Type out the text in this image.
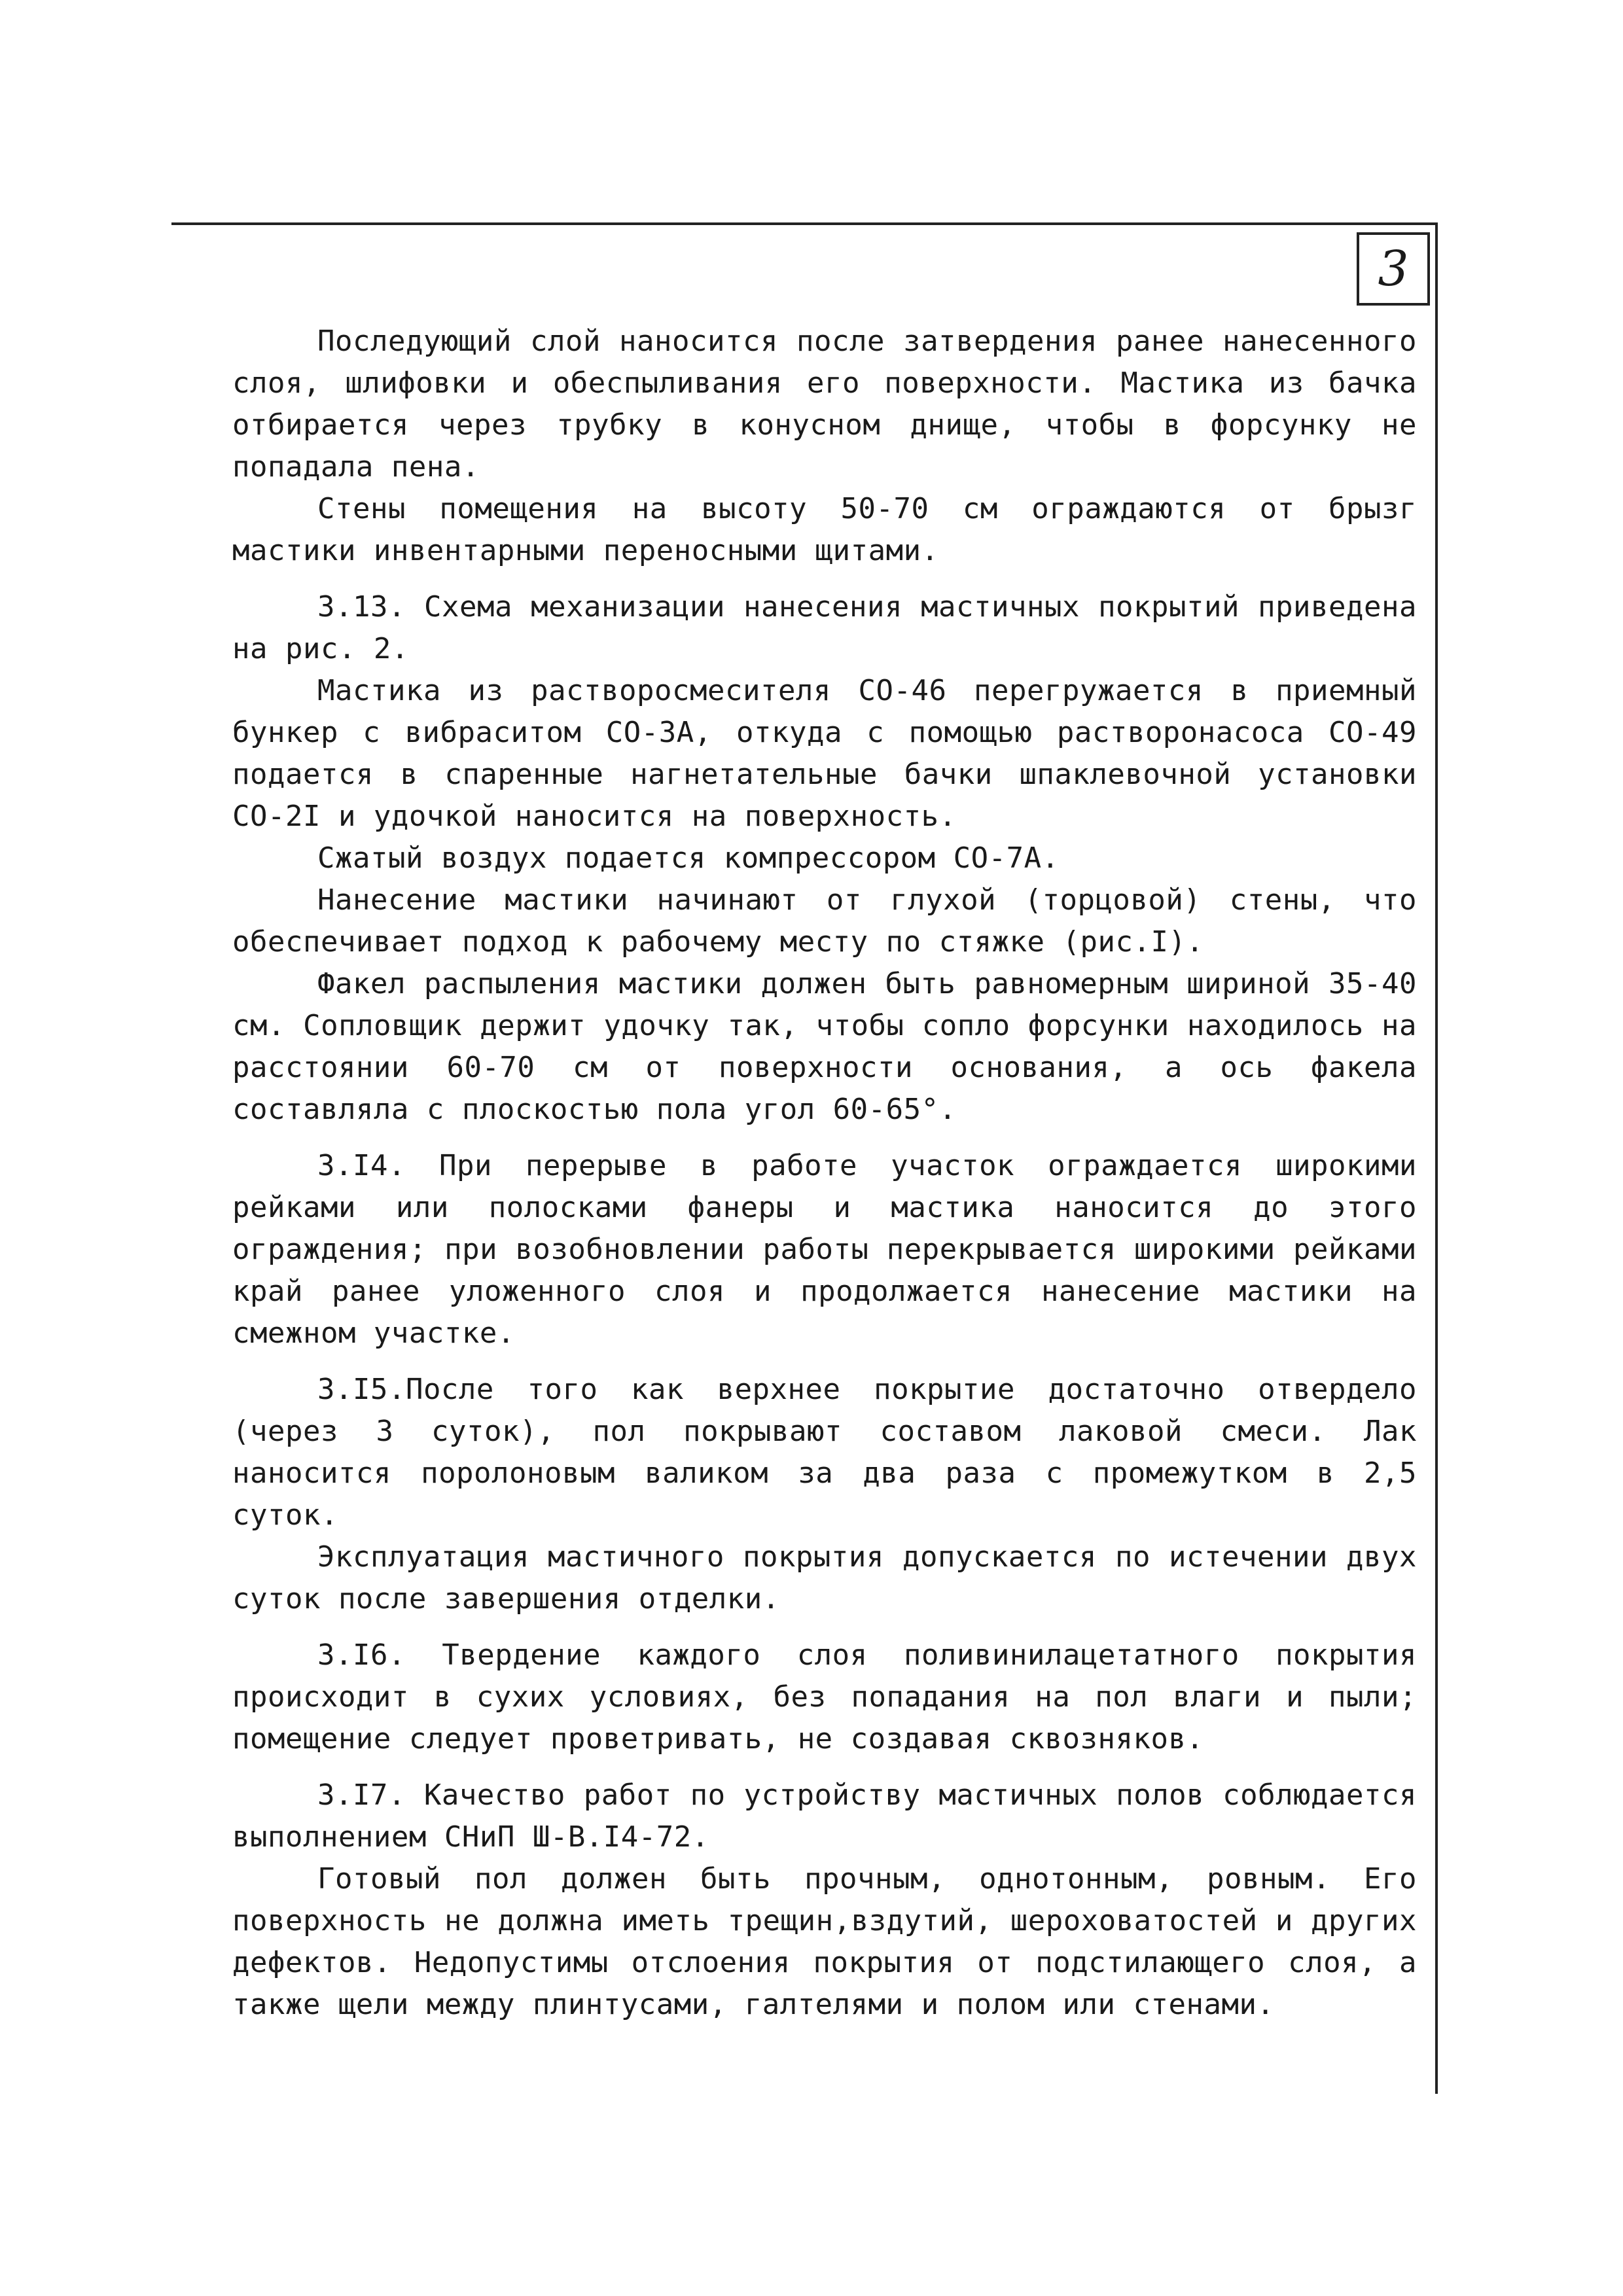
3

Последующий слой наносится после затвердения ранее нанесенного слоя, шлифовки и обеспыливания его поверхности. Мастика из бачка отбирается через трубку в конусном днище, чтобы в форсунку не попадала пена.

Стены помещения на высоту 50-70 см ограждаются от брызг мастики инвентарными переносными щитами.

3.13. Схема механизации нанесения мастичных покрытий приведена на рис. 2.

Мастика из растворосмесителя СО-46 перегружается в приемный бункер с вибраситом СО-3А, откуда с помощью растворонасоса СО-49 подается в спаренные нагнетательные бачки шпаклевочной установки СО-2I и удочкой наносится на поверхность.

Сжатый воздух подается компрессором СО-7А.

Нанесение мастики начинают от глухой (торцовой) стены, что обеспечивает подход к рабочему месту по стяжке (рис.I).

Факел распыления мастики должен быть равномерным шириной 35-40 см. Сопловщик держит удочку так, чтобы сопло форсунки находилось на расстоянии 60-70 см от поверхности основания, а ось факела составляла с плоскостью пола угол 60-65°.

3.I4. При перерыве в работе участок ограждается широкими рейками или полосками фанеры и мастика наносится до этого ограждения; при возобновлении работы перекрывается широкими рейками край ранее уложенного слоя и продолжается нанесение мастики на смежном участке.

3.I5.После того как верхнее покрытие достаточно отвердело (через 3 суток), пол покрывают составом лаковой смеси. Лак наносится поролоновым валиком за два раза с промежутком в 2,5 суток.

Эксплуатация мастичного покрытия допускается по истечении двух суток после завершения отделки.

3.I6. Твердение каждого слоя поливинилацетатного покрытия происходит в сухих условиях, без попадания на пол влаги и пыли; помещение следует проветривать, не создавая сквозняков.

3.I7. Качество работ по устройству мастичных полов соблюдается выполнением СНиП Ш-В.I4-72.

Готовый пол должен быть прочным, однотонным, ровным. Его поверхность не должна иметь трещин,вздутий, шероховатостей и других дефектов. Недопустимы отслоения покрытия от подстилающего слоя, а также щели между плинтусами, галтелями и полом или стенами.
